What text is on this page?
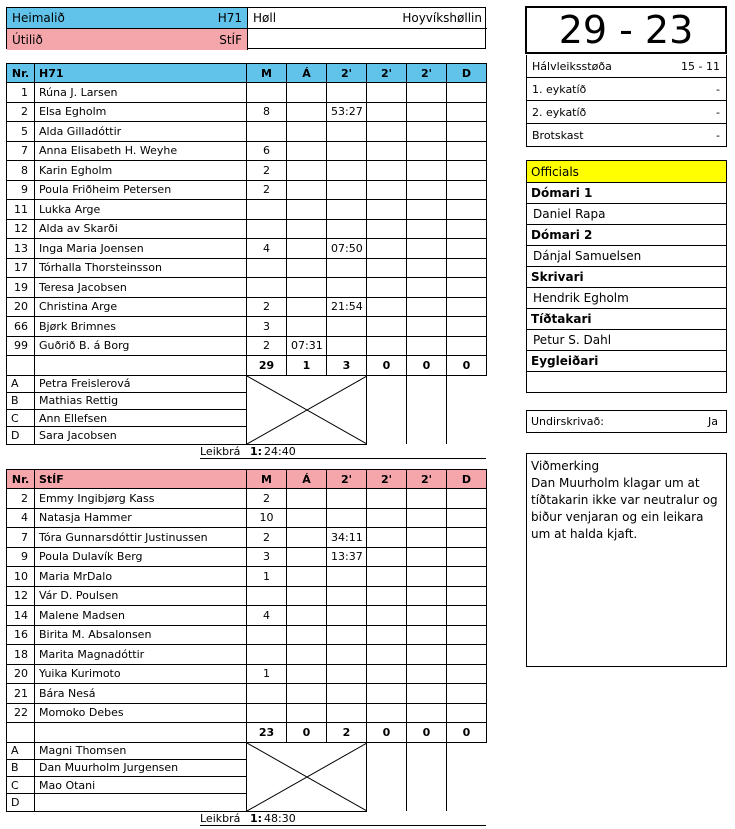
Heimalið	H71
Útilið	StÍF
Høll	Hoyvíkshøllin
Nr.	H71	M	Á	2'	2'	2'	D
1	Rúna J. Larsen						
2	Elsa Egholm	8		53:27			
5	Alda Gilladóttir						
7	Anna Elisabeth H. Weyhe	6					
8	Karin Egholm	2					
9	Poula Friðheim Petersen	2					
11	Lukka Arge						
12	Alda av Skarði						
13	Inga Maria Joensen	4		07:50			
17	Tórhalla Thorsteinsson						
19	Teresa Jacobsen						
20	Christina Arge	2		21:54			
66	Bjørk Brimnes	3					
99	Guðrið B. á Borg	2	07:31				
		29	1	3	0	0	0
A	Petra Freislerová	

B	Mathias Rettig						
C	Ann Ellefsen						
D	Sara Jacobsen						
Leikbrá 1: 24:40
Nr.	StÍF	M	Á	2'	2'	2'	D
2	Emmy Ingibjørg Kass	2					
4	Natasja Hammer	10					
7	Tóra Gunnarsdóttir Justinussen	2		34:11			
9	Poula Dulavík Berg	3		13:37			
10	Maria MrDalo	1					
12	Vár D. Poulsen						
14	Malene Madsen	4					
16	Birita M. Absalonsen						
18	Marita Magnadóttir						
20	Yuika Kurimoto	1					
21	Bára Nesá						
22	Momoko Debes						
		23	0	2	0	0	0
A	Magni Thomsen	

B	Dan Muurholm Jurgensen						
C	Mao Otani						
D							
Leikbrá 1: 48:30
29 - 23
Hálvleiksstøða	15 - 11
1. eykatíð	-
2. eykatíð	-
Brotskast	-
Officials
Dómari 1
Daniel Rapa
Dómari 2
Dánjal Samuelsen
Skrivari
Hendrik Egholm
Tíðtakari
Petur S. Dahl
Eygleiðari
Undirskrivað:	Ja
Viðmerking
Dan Muurholm klagar um at tíðtakarin ikke var neutralur og biður venjaran og ein leikara um at halda kjaft.
